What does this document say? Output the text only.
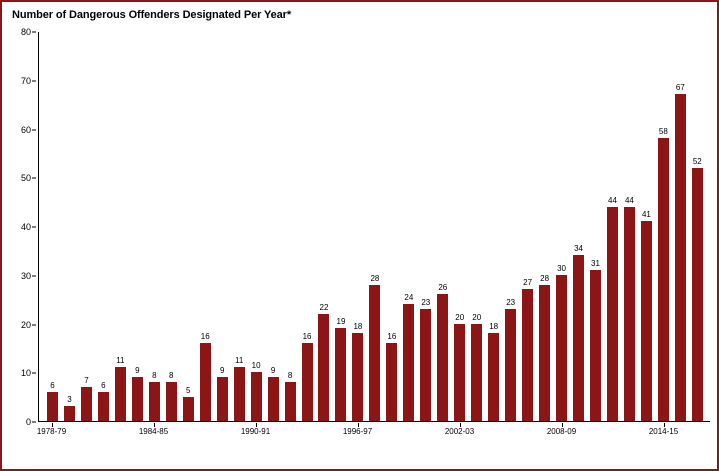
Number of Dangerous Offenders Designated Per Year*
0
10
20
30
40
50
60
70
80
6
3
7
6
11
9
8 8
5
16
9
11
10
9
8
16
22
19
18
28
16
24
23
26
20 20
18
23
27
28
30
34
31
44 44
41
58
67
52
1978-79	1984-85	1990-91	1996-97	2002-03	2008-09	2014-15
